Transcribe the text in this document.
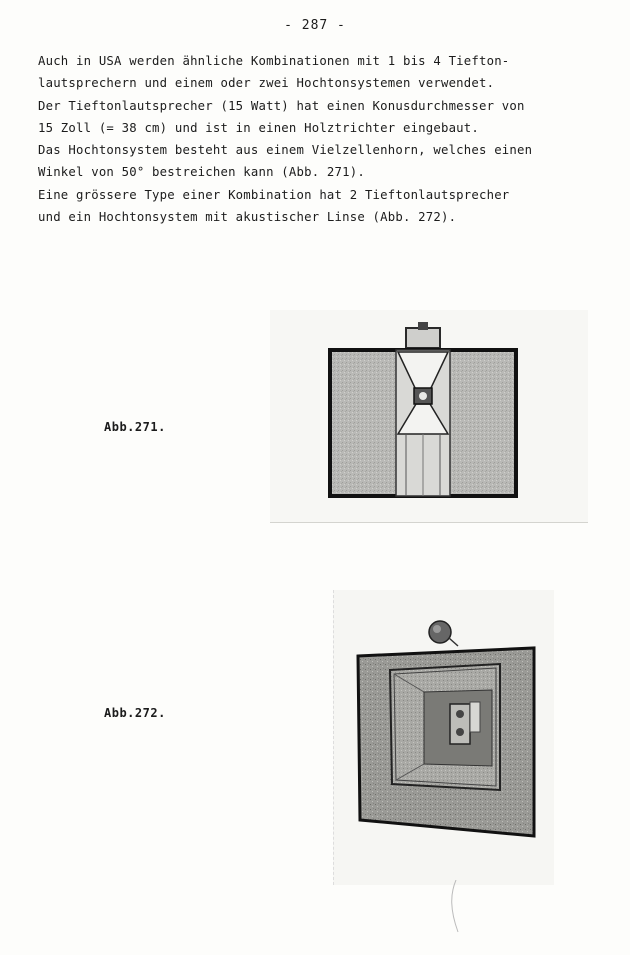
- 287 -
Auch in USA werden ähnliche Kombinationen mit 1 bis 4 Tiefton-
lautsprechern und einem oder zwei Hochtonsystemen verwendet.
Der Tieftonlautsprecher (15 Watt) hat einen Konusdurchmesser von
15 Zoll (= 38 cm) und ist in einen Holztrichter eingebaut.
Das Hochtonsystem besteht aus einem Vielzellenhorn, welches einen
Winkel von 50° bestreichen kann (Abb. 271).
Eine grössere Type einer Kombination hat 2 Tieftonlautsprecher
und ein Hochtonsystem mit akustischer Linse (Abb. 272).
Abb.271.
Abb.272.
